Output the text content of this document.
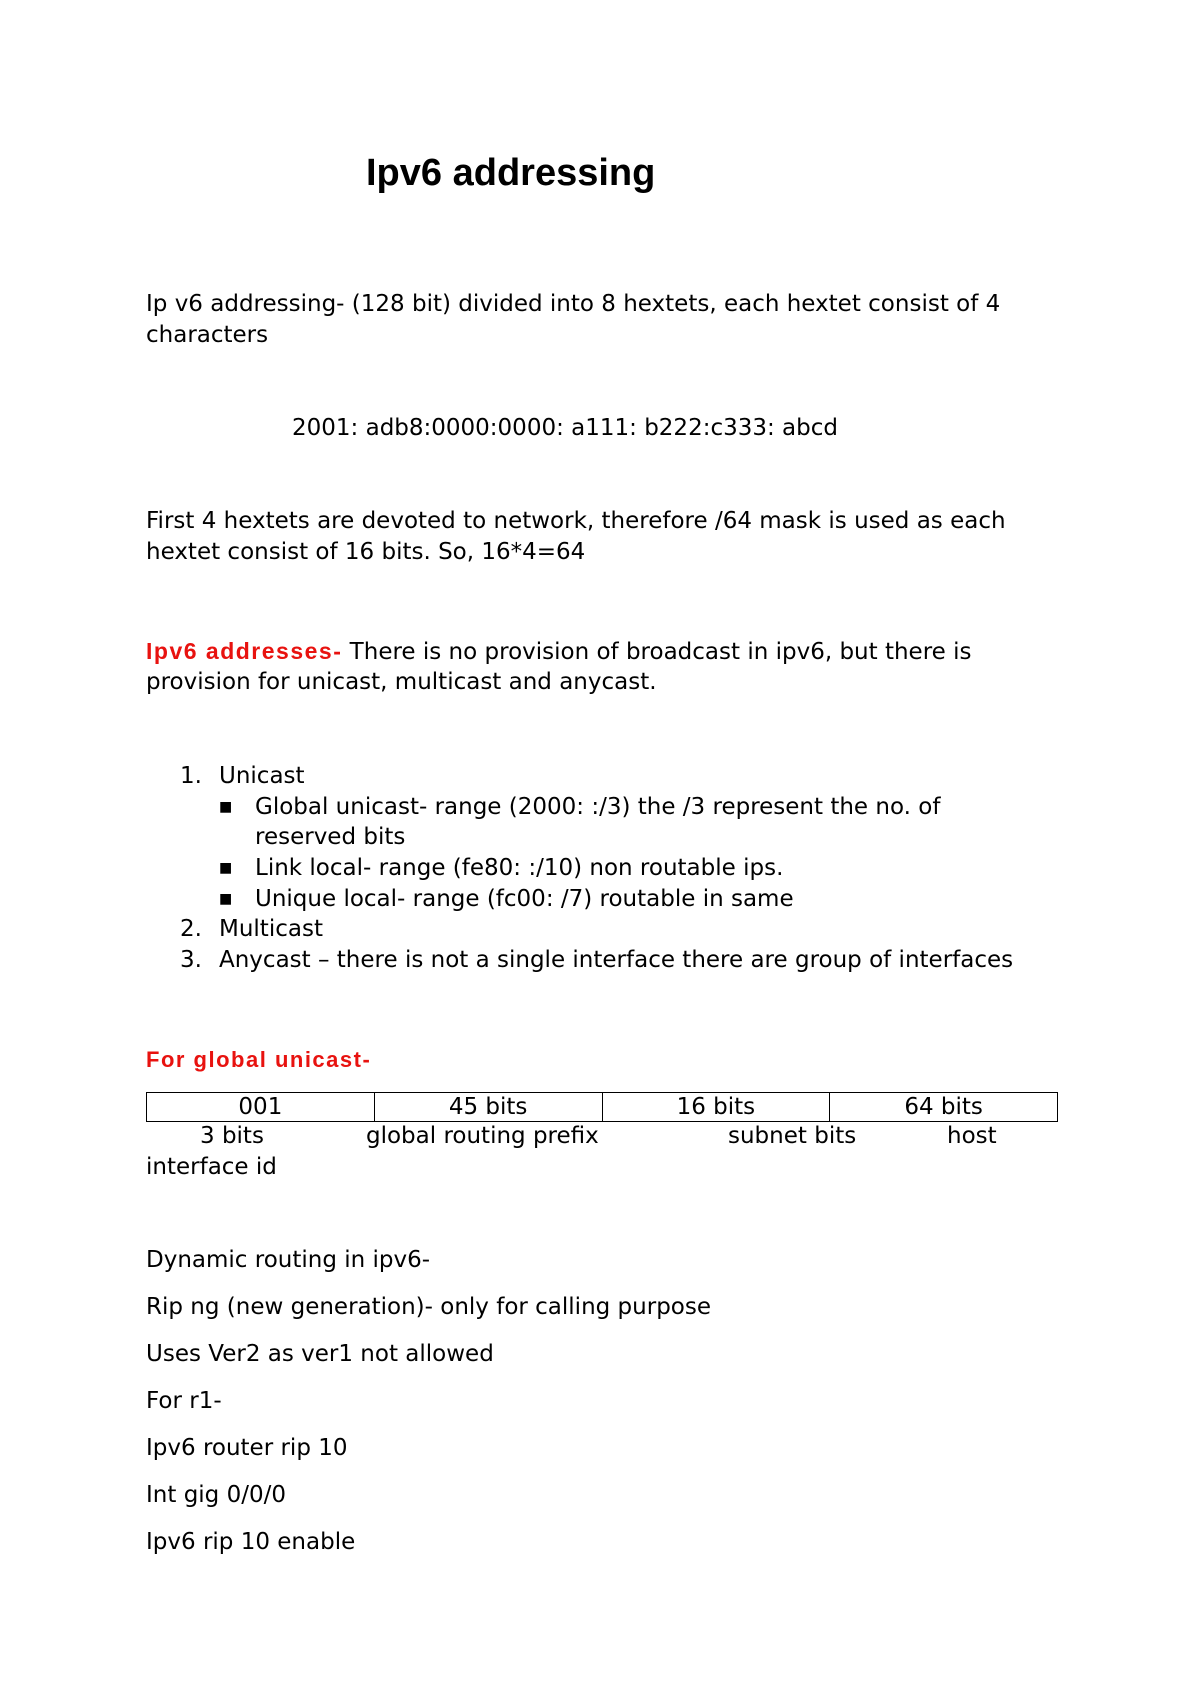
Ipv6 addressing
Ip v6 addressing- (128 bit) divided into 8 hextets, each hextet consist of 4
characters
2001: adb8:0000:0000: a111: b222:c333: abcd
First 4 hextets are devoted to network, therefore /64 mask is used as each
hextet consist of 16 bits. So, 16*4=64
Ipv6 addresses- There is no provision of broadcast in ipv6, but there is
provision for unicast, multicast and anycast.
1. Unicast
■ Global unicast- range (2000: :/3) the /3 represent the no. of
reserved bits
■ Link local- range (fe80: :/10) non routable ips.
■ Unique local- range (fc00: /7) routable in same
2. Multicast
3. Anycast – there is not a single interface there are group of interfaces
For global unicast-
001	45 bits	16 bits	64 bits
3 bits	global routing prefix	subnet bits	host
interface id
Dynamic routing in ipv6-
Rip ng (new generation)- only for calling purpose
Uses Ver2 as ver1 not allowed
For r1-
Ipv6 router rip 10
Int gig 0/0/0
Ipv6 rip 10 enable
